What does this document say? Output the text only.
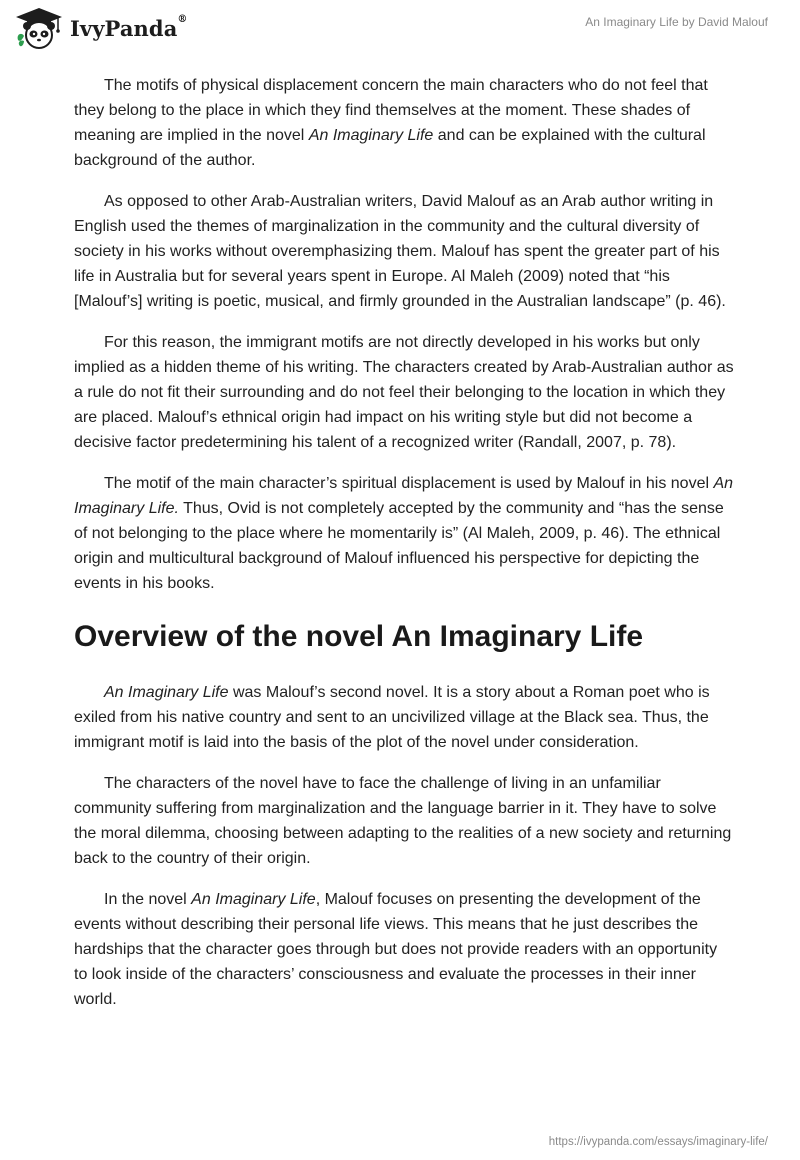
IvyPanda®	An Imaginary Life by David Malouf

The motifs of physical displacement concern the main characters who do not feel that they belong to the place in which they find themselves at the moment. These shades of meaning are implied in the novel An Imaginary Life and can be explained with the cultural background of the author.

As opposed to other Arab-Australian writers, David Malouf as an Arab author writing in English used the themes of marginalization in the community and the cultural diversity of society in his works without overemphasizing them. Malouf has spent the greater part of his life in Australia but for several years spent in Europe. Al Maleh (2009) noted that “his [Malouf’s] writing is poetic, musical, and firmly grounded in the Australian landscape” (p. 46).

For this reason, the immigrant motifs are not directly developed in his works but only implied as a hidden theme of his writing. The characters created by Arab-Australian author as a rule do not fit their surrounding and do not feel their belonging to the location in which they are placed. Malouf’s ethnical origin had impact on his writing style but did not become a decisive factor predetermining his talent of a recognized writer (Randall, 2007, p. 78).

The motif of the main character’s spiritual displacement is used by Malouf in his novel An Imaginary Life. Thus, Ovid is not completely accepted by the community and “has the sense of not belonging to the place where he momentarily is” (Al Maleh, 2009, p. 46). The ethnical origin and multicultural background of Malouf influenced his perspective for depicting the events in his books.

Overview of the novel An Imaginary Life

An Imaginary Life was Malouf’s second novel. It is a story about a Roman poet who is exiled from his native country and sent to an uncivilized village at the Black sea. Thus, the immigrant motif is laid into the basis of the plot of the novel under consideration.

The characters of the novel have to face the challenge of living in an unfamiliar community suffering from marginalization and the language barrier in it. They have to solve the moral dilemma, choosing between adapting to the realities of a new society and returning back to the country of their origin.

In the novel An Imaginary Life, Malouf focuses on presenting the development of the events without describing their personal life views. This means that he just describes the hardships that the character goes through but does not provide readers with an opportunity to look inside of the characters’ consciousness and evaluate the processes in their inner world.

https://ivypanda.com/essays/imaginary-life/
